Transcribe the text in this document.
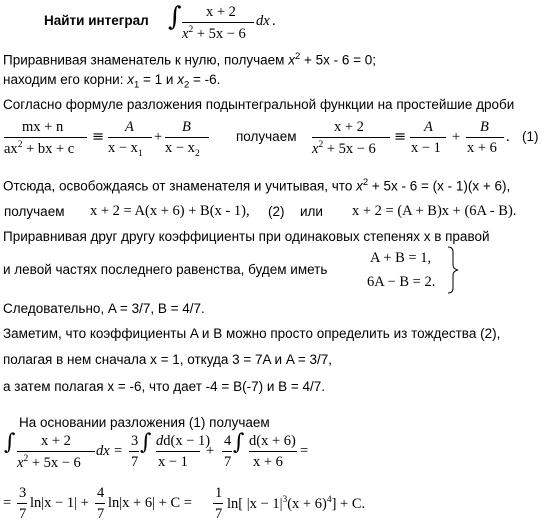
Найти интеграл ∫ x + 2
$x^2 + 5x - 6$
dx .
Приравнивая знаменатель к нулю, получаем $x^2 + 5x - 6 = 0$;
находим его корни: $x_1 = 1$ и $x_2 = -6$.
Согласно формуле разложения подынтегральной функции на простейшие дроби
mx + n
$ax^2$ + bx + c
≡
A
$x - x_1$
+
B
$x - x_2$
получаем
x + 2
$x^2 + 5x - 6$
≡
A
x − 1
+
B
x + 6
. (1)
Отсюда, освобождаясь от знаменателя и учитывая, что $x^2 + 5x - 6 = (x - 1)(x + 6)$,
получаем x + 2 = A(x + 6) + B(x - 1), (2) или x + 2 = (A + B)x + (6A - B).
Приравнивая друг другу коэффициенты при одинаковых степенях x в правой
и левой частях последнего равенства, будем иметь
A + B = 1,
6A − B = 2.
Следовательно, A = 3/7, B = 4/7.
Заметим, что коэффициенты A и B можно просто определить из тождества (2),
полагая в нем сначала x = 1, откуда 3 = 7A и A = 3/7,
а затем полагая x = -6, что дает -4 = B(-7) и B = 4/7.
На основании разложения (1) получаем
∫ x + 2
$x^2 + 5x - 6$
dx =
3
7
∫ dd(x − 1)
x − 1
+
4
7
∫ d(x + 6)
x + 6
=
=
3
7
ln|x − 1| +
4
7
ln|x + 6| + C =
1
7
ln[ $|x - 1|^3(x + 6)^4] + C$.
